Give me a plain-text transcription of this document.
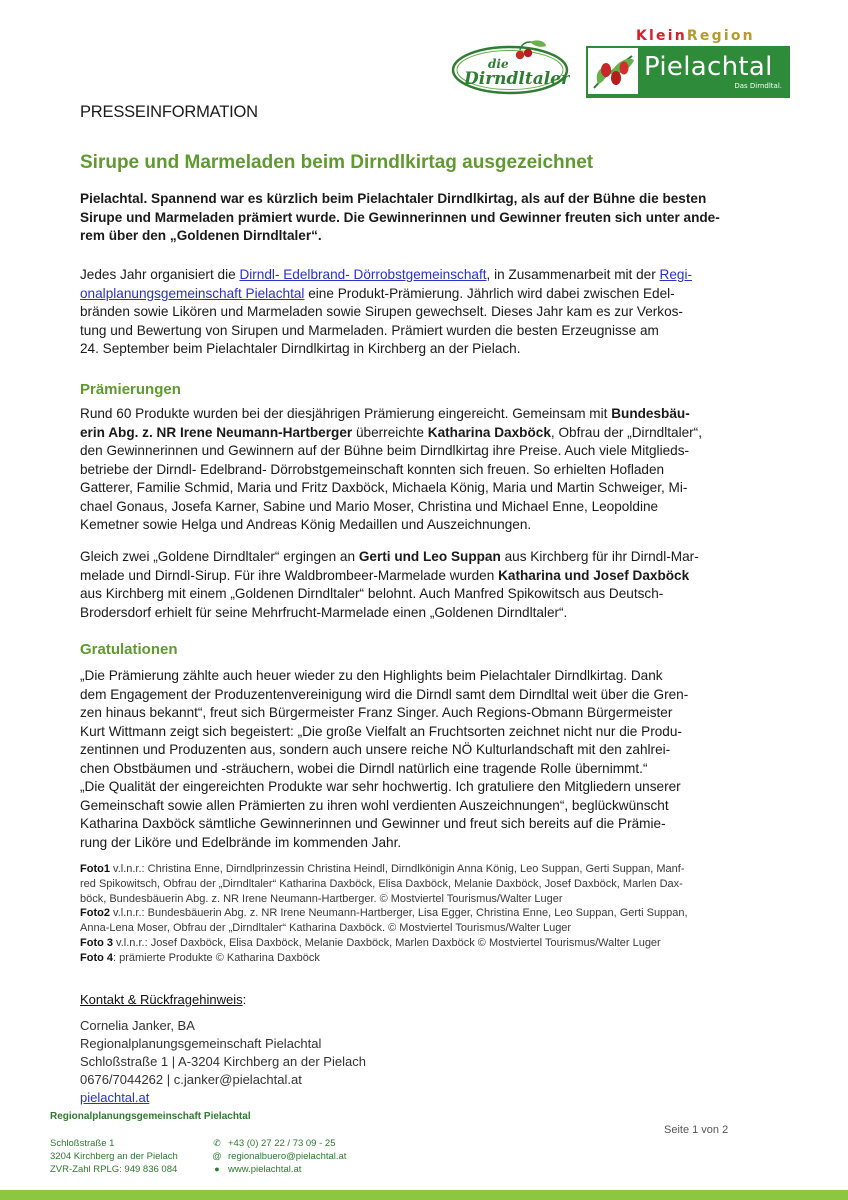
die
Dirndltaler
KleinRegion
Pielachtal
Das Dirndltal.
PRESSEINFORMATION
Sirupe und Marmeladen beim Dirndlkirtag ausgezeichnet
Pielachtal. Spannend war es kürzlich beim Pielachtaler Dirndlkirtag, als auf der Bühne die besten
Sirupe und Marmeladen prämiert wurde. Die Gewinnerinnen und Gewinner freuten sich unter ande-
rem über den „Goldenen Dirndltaler“.
Jedes Jahr organisiert die Dirndl- Edelbrand- Dörrobstgemeinschaft, in Zusammenarbeit mit der Regi-
onalplanungsgemeinschaft Pielachtal eine Produkt-Prämierung. Jährlich wird dabei zwischen Edel-
bränden sowie Likören und Marmeladen sowie Sirupen gewechselt. Dieses Jahr kam es zur Verkos-
tung und Bewertung von Sirupen und Marmeladen. Prämiert wurden die besten Erzeugnisse am
24. September beim Pielachtaler Dirndlkirtag in Kirchberg an der Pielach.
Prämierungen
Rund 60 Produkte wurden bei der diesjährigen Prämierung eingereicht. Gemeinsam mit Bundesbäu-
erin Abg. z. NR Irene Neumann-Hartberger überreichte Katharina Daxböck, Obfrau der „Dirndltaler“,
den Gewinnerinnen und Gewinnern auf der Bühne beim Dirndlkirtag ihre Preise. Auch viele Mitglieds-
betriebe der Dirndl- Edelbrand- Dörrobstgemeinschaft konnten sich freuen. So erhielten Hofladen
Gatterer, Familie Schmid, Maria und Fritz Daxböck, Michaela König, Maria und Martin Schweiger, Mi-
chael Gonaus, Josefa Karner, Sabine und Mario Moser, Christina und Michael Enne, Leopoldine
Kemetner sowie Helga und Andreas König Medaillen und Auszeichnungen.
Gleich zwei „Goldene Dirndltaler“ ergingen an Gerti und Leo Suppan aus Kirchberg für ihr Dirndl-Mar-
melade und Dirndl-Sirup. Für ihre Waldbrombeer-Marmelade wurden Katharina und Josef Daxböck
aus Kirchberg mit einem „Goldenen Dirndltaler“ belohnt. Auch Manfred Spikowitsch aus Deutsch-
Brodersdorf erhielt für seine Mehrfrucht-Marmelade einen „Goldenen Dirndltaler“.
Gratulationen
„Die Prämierung zählte auch heuer wieder zu den Highlights beim Pielachtaler Dirndlkirtag. Dank
dem Engagement der Produzentenvereinigung wird die Dirndl samt dem Dirndltal weit über die Gren-
zen hinaus bekannt“, freut sich Bürgermeister Franz Singer. Auch Regions-Obmann Bürgermeister
Kurt Wittmann zeigt sich begeistert: „Die große Vielfalt an Fruchtsorten zeichnet nicht nur die Produ-
zentinnen und Produzenten aus, sondern auch unsere reiche NÖ Kulturlandschaft mit den zahlrei-
chen Obstbäumen und -sträuchern, wobei die Dirndl natürlich eine tragende Rolle übernimmt.“
„Die Qualität der eingereichten Produkte war sehr hochwertig. Ich gratuliere den Mitgliedern unserer
Gemeinschaft sowie allen Prämierten zu ihren wohl verdienten Auszeichnungen“, beglückwünscht
Katharina Daxböck sämtliche Gewinnerinnen und Gewinner und freut sich bereits auf die Prämie-
rung der Liköre und Edelbrände im kommenden Jahr.
Foto1 v.l.n.r.: Christina Enne, Dirndlprinzessin Christina Heindl, Dirndlkönigin Anna König, Leo Suppan, Gerti Suppan, Manf-
red Spikowitsch, Obfrau der „Dirndltaler“ Katharina Daxböck, Elisa Daxböck, Melanie Daxböck, Josef Daxböck, Marlen Dax-
böck, Bundesbäuerin Abg. z. NR Irene Neumann-Hartberger. © Mostviertel Tourismus/Walter Luger
Foto2 v.l.n.r.: Bundesbäuerin Abg. z. NR Irene Neumann-Hartberger, Lisa Egger, Christina Enne, Leo Suppan, Gerti Suppan,
Anna-Lena Moser, Obfrau der „Dirndltaler“ Katharina Daxböck. © Mostviertel Tourismus/Walter Luger
Foto 3 v.l.n.r.: Josef Daxböck, Elisa Daxböck, Melanie Daxböck, Marlen Daxböck © Mostviertel Tourismus/Walter Luger
Foto 4: prämierte Produkte © Katharina Daxböck
Kontakt & Rückfragehinweis:
Cornelia Janker, BA
Regionalplanungsgemeinschaft Pielachtal
Schloßstraße 1 | A-3204 Kirchberg an der Pielach
0676/7044262 | c.janker@pielachtal.at
pielachtal.at
Regionalplanungsgemeinschaft Pielachtal
Schloßstraße 1
3204 Kirchberg an der Pielach
ZVR-Zahl RPLG: 949 836 084
✆ +43 (0) 27 22 / 73 09 - 25
@ regionalbuero@pielachtal.at
● www.pielachtal.at
Seite 1 von 2
